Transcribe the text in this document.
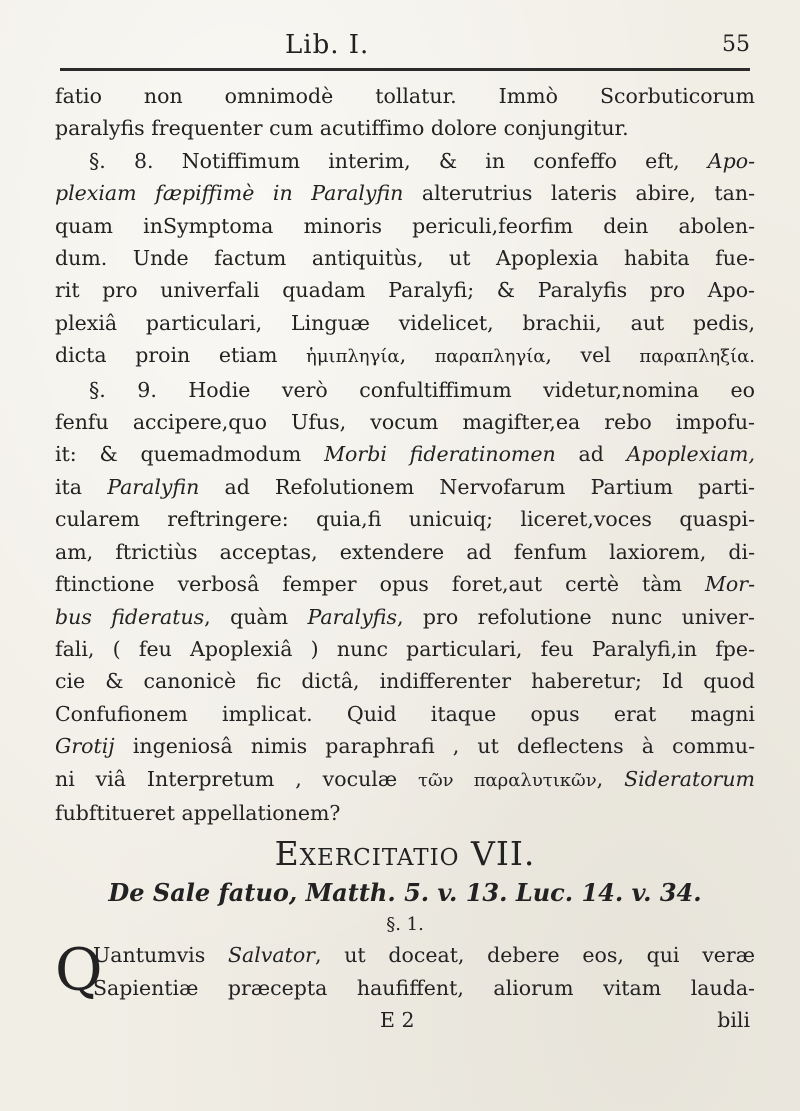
Lib. I.	55
fatio non omnimodè tollatur. Immò Scorbuticorum
paralyfis frequenter cum acutiffimo dolore conjungitur.
§. 8. Notiffimum interim, & in confeffo eft, Apo-
plexiam fæpiffimè in Paralyfin alterutrius lateris abire, tan-
quam inSymptoma minoris periculi,feorfim dein abolen-
dum. Unde factum antiquitùs, ut Apoplexia habita fue-
rit pro univerfali quadam Paralyfi; & Paralyfis pro Apo-
plexiâ particulari, Linguæ videlicet, brachii, aut pedis,
dicta proin etiam ἡμιπληγία, παραπληγία, vel παραπληξία.
§. 9. Hodie verò confultiffimum videtur,nomina eo
fenfu accipere,quo Ufus, vocum magifter,ea rebo impofu-
it: & quemadmodum Morbi fideratinomen ad Apoplexiam,
ita Paralyfin ad Refolutionem Nervofarum Partium parti-
cularem reftringere: quia,fi unicuiq; liceret,voces quaspi-
am, ftrictiùs acceptas, extendere ad fenfum laxiorem, di-
ftinctione verbosâ femper opus foret,aut certè tàm Mor-
bus fideratus, quàm Paralyfis, pro refolutione nunc univer-
fali, ( feu Apoplexiâ ) nunc particulari, feu Paralyfi,in fpe-
cie & canonicè fic dictâ, indifferenter haberetur; Id quod
Confufionem implicat. Quid itaque opus erat magni
Grotij ingeniosâ nimis paraphrafi , ut deflectens à commu-
ni viâ Interpretum , voculæ τῶν παραλυτικῶν, Sideratorum
fubftitueret appellationem?
Exercitatio VII.
De Sale fatuo, Matth. 5. v. 13. Luc. 14. v. 34.
§. 1.
Q
Uantumvis Salvator, ut doceat, debere eos, qui veræ
Sapientiæ præcepta haufiffent, aliorum vitam lauda-
E 2	bili
